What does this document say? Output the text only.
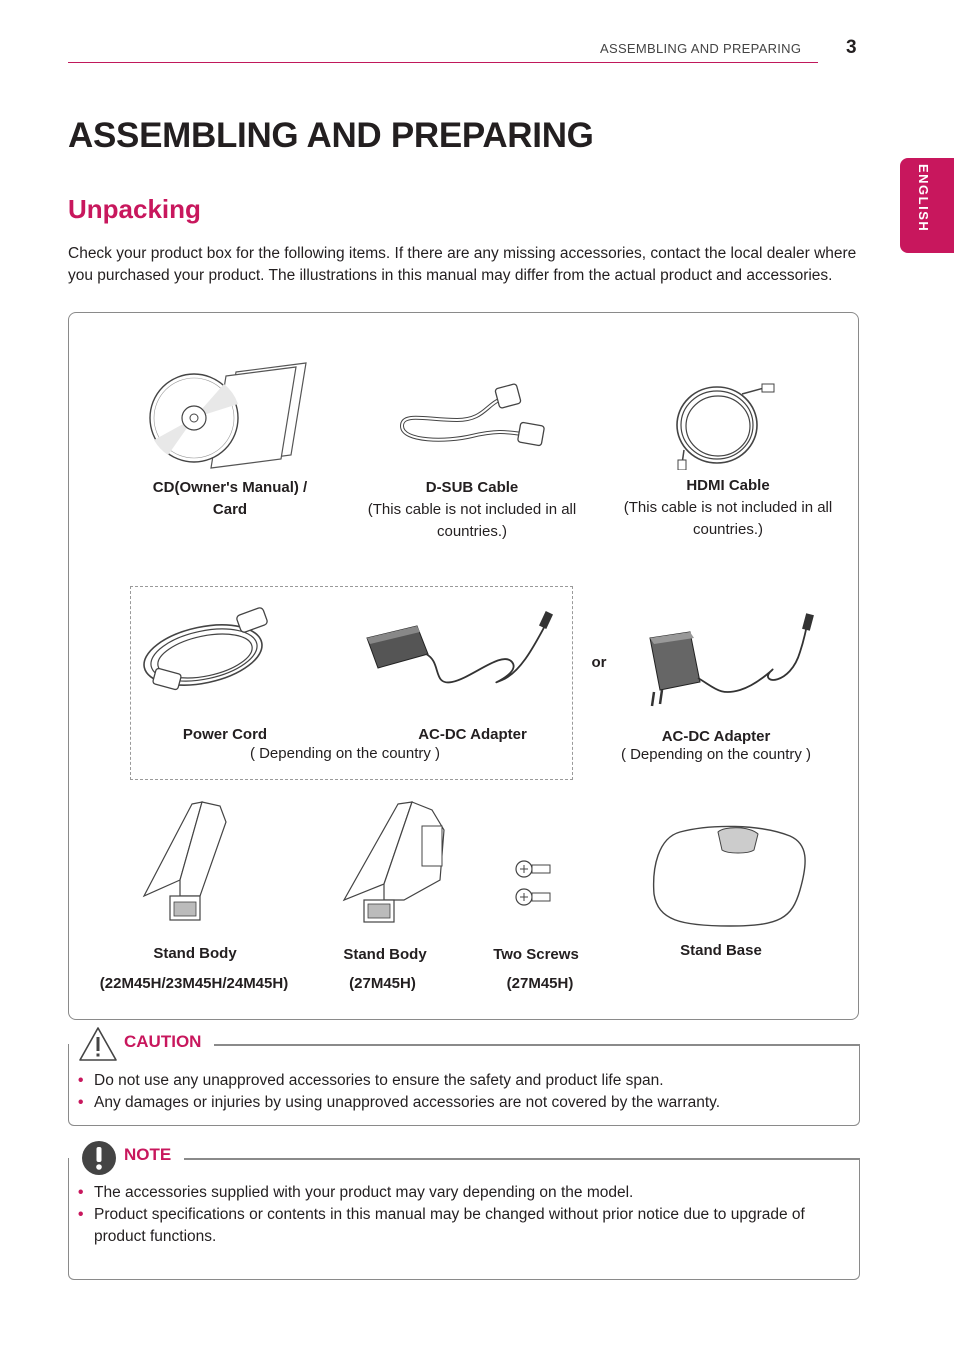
ASSEMBLING AND PREPARING 3
ENGLISH
ASSEMBLING AND PREPARING
Unpacking

Check your product box for the following items. If there are any missing accessories, contact the local dealer where you purchased your product. The illustrations in this manual may differ from the actual product and accessories.

CD(Owner's Manual) /
Card
D-SUB Cable
(This cable is not included in all
countries.)
HDMI Cable
(This cable is not included in all
countries.)
Power Cord	AC-DC Adapter
( Depending on the country )
or
AC-DC Adapter
( Depending on the country )
Stand Body
(22M45H/23M45H/24M45H)
Stand Body
(27M45H)
Two Screws
(27M45H)
Stand Base
CAUTION
• Do not use any unapproved accessories to ensure the safety and product life span.
• Any damages or injuries by using unapproved accessories are not covered by the warranty.
NOTE
• The accessories supplied with your product may vary depending on the model.
• Product specifications or contents in this manual may be changed without prior notice due to upgrade of product functions.
